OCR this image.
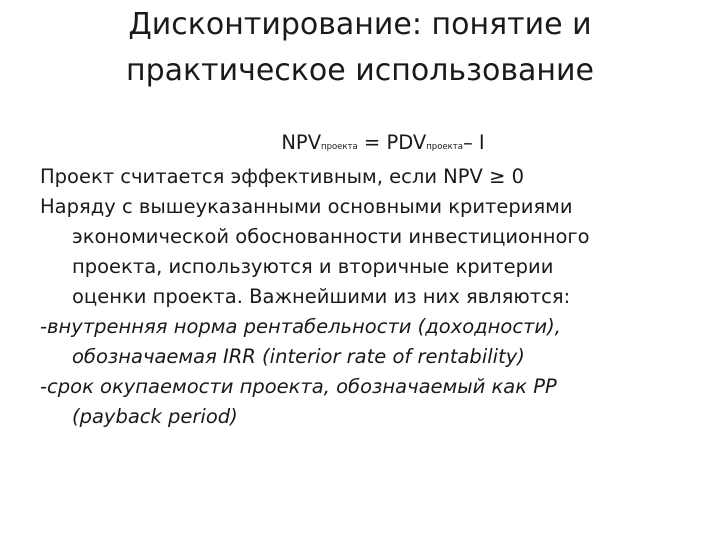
Дисконтирование: понятие и
практическое использование
NPVпроекта = PDVпроекта– I

Проект считается эффективным, если NPV ≥ 0

Наряду с вышеуказанными основными критериями
экономической обоснованности инвестиционного
проекта, используются и вторичные критерии
оценки проекта. Важнейшими из них являются:

-внутренняя норма рентабельности (доходности),
обозначаемая IRR (interior rate of rentability)

-срок окупаемости проекта, обозначаемый как PP
(payback period)
